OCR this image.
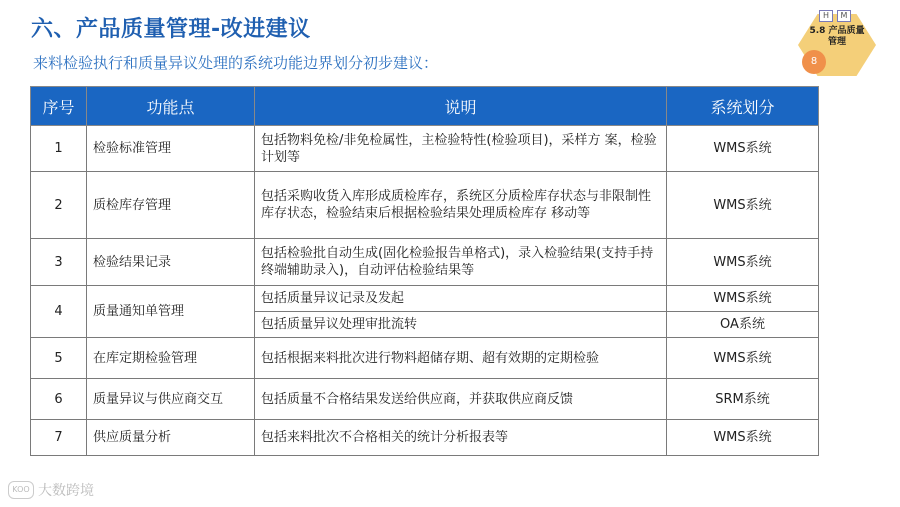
六、产品质量管理-改进建议
来料检验执行和质量异议处理的系统功能边界划分初步建议：
H	M
5.8 产品质量管理
8
序号	功能点	说明	系统划分
1	检验标准管理	包括物料免检/非免检属性，主检验特性(检验项目)，采样方 案，检验计划等	WMS系统
2	质检库存管理	包括采购收货入库形成质检库存，系统区分质检库存状态与非限制性库存状态，检验结束后根据检验结果处理质检库存 移动等	WMS系统
3	检验结果记录	包括检验批自动生成(固化检验报告单格式)，录入检验结果(支持手持终端辅助录入)，自动评估检验结果等	WMS系统
4	质量通知单管理	包括质量异议记录及发起	WMS系统
		包括质量异议处理审批流转	OA系统
5	在库定期检验管理	包括根据来料批次进行物料超储存期、超有效期的定期检验	WMS系统
6	质量异议与供应商交互	包括质量不合格结果发送给供应商，并获取供应商反馈	SRM系统
7	供应质量分析	包括来料批次不合格相关的统计分析报表等	WMS系统
KOO 大数跨境
